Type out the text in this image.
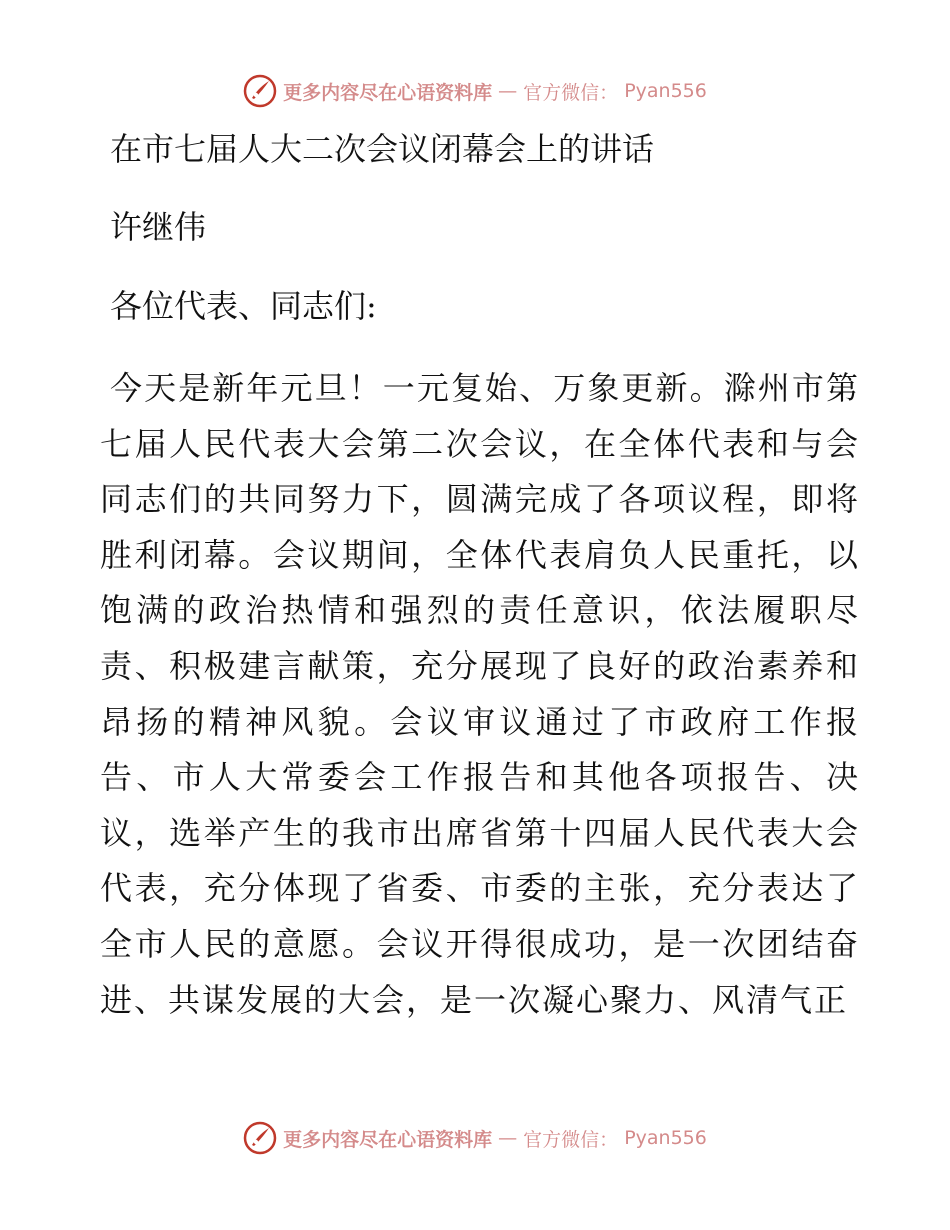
更多内容尽在心语资料库 — 官方微信： Pyan556
在市七届人大二次会议闭幕会上的讲话

许继伟

各位代表、同志们:

今天是新年元旦！一元复始、万象更新。滁州市第七届人民代表大会第二次会议，在全体代表和与会同志们的共同努力下，圆满完成了各项议程，即将胜利闭幕。会议期间，全体代表肩负人民重托，以饱满的政治热情和强烈的责任意识，依法履职尽责、积极建言献策，充分展现了良好的政治素养和昂扬的精神风貌。会议审议通过了市政府工作报告、市人大常委会工作报告和其他各项报告、决议，选举产生的我市出席省第十四届人民代表大会代表，充分体现了省委、市委的主张，充分表达了全市人民的意愿。会议开得很成功，是一次团结奋进、共谋发展的大会，是一次凝心聚力、风清气正

更多内容尽在心语资料库 — 官方微信： Pyan556
